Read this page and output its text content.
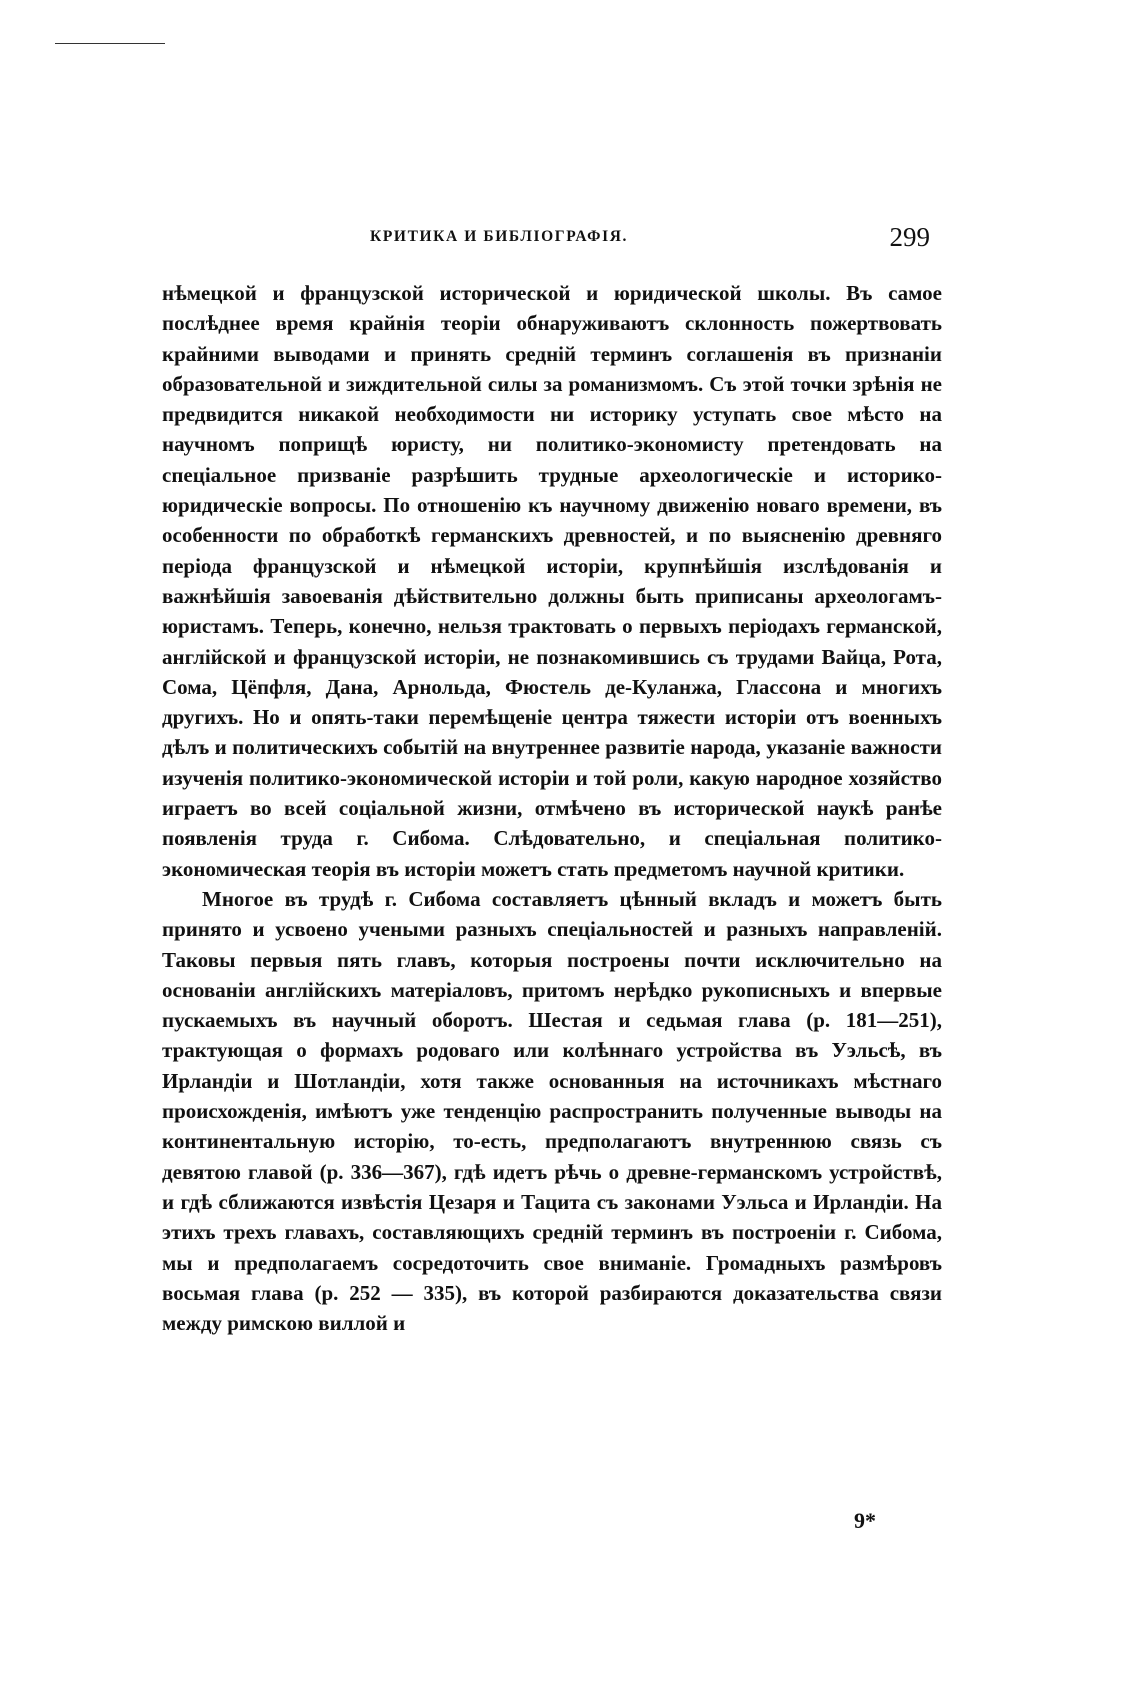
КРИТИКА И БИБЛІОГРАФІЯ.	299

нѣмецкой и французской исторической и юридической школы. Въ самое послѣднее время крайнія теоріи обнаруживаютъ склонность пожертвовать крайними выводами и принять средній терминъ соглашенія въ признаніи образовательной и зиждительной силы за романизмомъ. Съ этой точки зрѣнія не предвидится никакой необходимости ни историку уступать свое мѣсто на научномъ поприщѣ юристу, ни политико-экономисту претендовать на спеціальное призваніе разрѣшить трудные археологическіе и историко-юридическіе вопросы. По отношенію къ научному движенію новаго времени, въ особенности по обработкѣ германскихъ древностей, и по выясненію древняго періода французской и нѣмецкой исторіи, крупнѣйшія изслѣдованія и важнѣйшія завоеванія дѣйствительно должны быть приписаны археологамъ-юристамъ. Теперь, конечно, нельзя трактовать о первыхъ періодахъ германской, англійской и французской исторіи, не познакомившись съ трудами Вайца, Рота, Сома, Цёпфля, Дана, Арнольда, Фюстель де-Куланжа, Глассона и многихъ другихъ. Но и опять-таки перемѣщеніе центра тяжести исторіи отъ военныхъ дѣлъ и политическихъ событій на внутреннее развитіе народа, указаніе важности изученія политико-экономической исторіи и той роли, какую народное хозяйство играетъ во всей соціальной жизни, отмѣчено въ исторической наукѣ ранѣе появленія труда г. Сибома. Слѣдовательно, и спеціальная политико-экономическая теорія въ исторіи можетъ стать предметомъ научной критики.

Многое въ трудѣ г. Сибома составляетъ цѣнный вкладъ и можетъ быть принято и усвоено учеными разныхъ спеціальностей и разныхъ направленій. Таковы первыя пять главъ, которыя построены почти исключительно на основаніи англійскихъ матеріаловъ, притомъ нерѣдко рукописныхъ и впервые пускаемыхъ въ научный оборотъ. Шестая и седьмая глава (р. 181—251), трактующая о формахъ родоваго или колѣннаго устройства въ Уэльсѣ, въ Ирландіи и Шотландіи, хотя также основанныя на источникахъ мѣстнаго происхожденія, имѣютъ уже тенденцію распространить полученные выводы на континентальную исторію, то-есть, предполагаютъ внутреннюю связь съ девятою главой (р. 336—367), гдѣ идетъ рѣчь о древне-германскомъ устройствѣ, и гдѣ сближаются извѣстія Цезаря и Тацита съ законами Уэльса и Ирландіи. На этихъ трехъ главахъ, составляющихъ средній терминъ въ построеніи г. Сибома, мы и предполагаемъ сосредоточить свое вниманіе. Громадныхъ размѣровъ восьмая глава (р. 252 — 335), въ которой разбираются доказательства связи между римскою виллой и

9*
